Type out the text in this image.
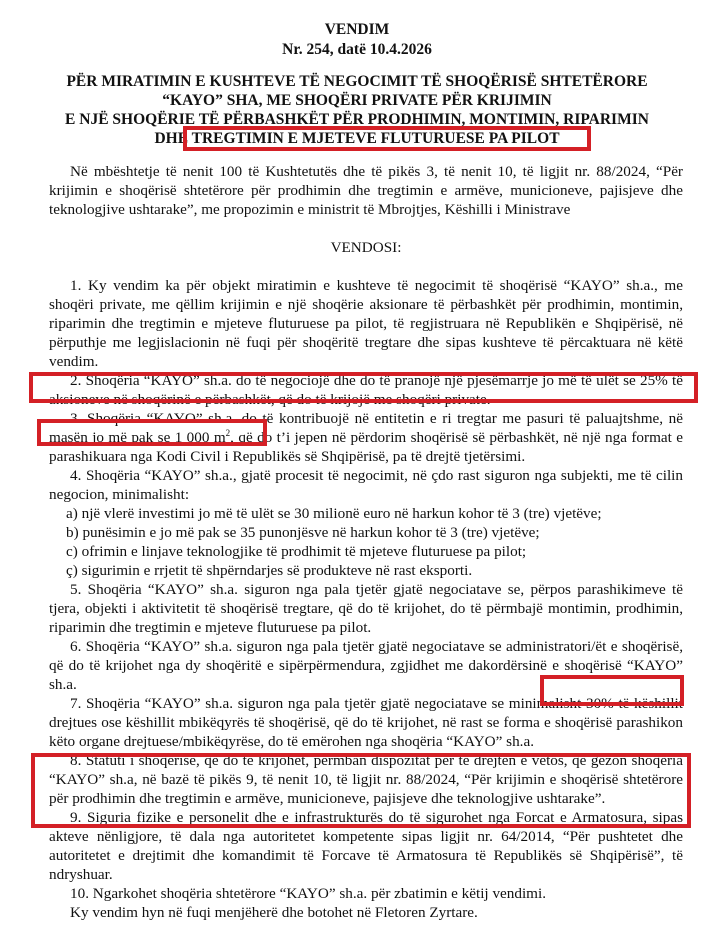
VENDIM
Nr. 254, datë 10.4.2026
PËR MIRATIMIN E KUSHTEVE TË NEGOCIMIT TË SHOQËRISË SHTETËRORE
“KAYO” SHA, ME SHOQËRI PRIVATE PËR KRIJIMIN
E NJË SHOQËRIE TË PËRBASHKËT PËR PRODHIMIN, MONTIMIN, RIPARIMIN
DHE TREGTIMIN E MJETEVE FLUTURUESE PA PILOT

Në mbështetje të nenit 100 të Kushtetutës dhe të pikës 3, të nenit 10, të ligjit nr. 88/2024, “Për krijimin e shoqërisë shtetërore për prodhimin dhe tregtimin e armëve, municioneve, pajisjeve dhe teknologjive ushtarake”, me propozimin e ministrit të Mbrojtjes, Këshilli i Ministrave

VENDOSI:

1. Ky vendim ka për objekt miratimin e kushteve të negocimit të shoqërisë “KAYO” sh.a., me shoqëri private, me qëllim krijimin e një shoqërie aksionare të përbashkët për prodhimin, montimin, riparimin dhe tregtimin e mjeteve fluturuese pa pilot, të regjistruara në Republikën e Shqipërisë, në përputhje me legjislacionin në fuqi për shoqëritë tregtare dhe sipas kushteve të përcaktuara në këtë vendim.

2. Shoqëria “KAYO” sh.a. do të negociojë dhe do të pranojë një pjesëmarrje jo më të ulët se 25% të aksioneve në shoqërinë e përbashkët, që do të krijojë me shoqëri private.

3. Shoqëria “KAYO” sh.a. do të kontribuojë në entitetin e ri tregtar me pasuri të paluajtshme, në masën jo më pak se 1 000 $m^2$, që do t’i jepen në përdorim shoqërisë së përbashkët, në një nga format e parashikuara nga Kodi Civil i Republikës së Shqipërisë, pa të drejtë tjetërsimi.

4. Shoqëria “KAYO” sh.a., gjatë procesit të negocimit, në çdo rast siguron nga subjekti, me të cilin negocion, minimalisht:

a) një vlerë investimi jo më të ulët se 30 milionë euro në harkun kohor të 3 (tre) vjetëve;

b) punësimin e jo më pak se 35 punonjësve në harkun kohor të 3 (tre) vjetëve;

c) ofrimin e linjave teknologjike të prodhimit të mjeteve fluturuese pa pilot;

ç) sigurimin e rrjetit të shpërndarjes së produkteve në rast eksporti.

5. Shoqëria “KAYO” sh.a. siguron nga pala tjetër gjatë negociatave se, përpos parashikimeve të tjera, objekti i aktivitetit të shoqërisë tregtare, që do të krijohet, do të përmbajë montimin, prodhimin, riparimin dhe tregtimin e mjeteve fluturuese pa pilot.

6. Shoqëria “KAYO” sh.a. siguron nga pala tjetër gjatë negociatave se administratori/ët e shoqërisë, që do të krijohet nga dy shoqëritë e sipërpërmendura, zgjidhet me dakordërsinë e shoqërisë “KAYO” sh.a.

7. Shoqëria “KAYO” sh.a. siguron nga pala tjetër gjatë negociatave se minimalisht 30% të këshillit drejtues ose këshillit mbikëqyrës të shoqërisë, që do të krijohet, në rast se forma e shoqërisë parashikon këto organe drejtuese/mbikëqyrëse, do të emërohen nga shoqëria “KAYO” sh.a.

8. Statuti i shoqërisë, që do të krijohet, përmban dispozitat për të drejtën e vetos, që gëzon shoqëria “KAYO” sh.a, në bazë të pikës 9, të nenit 10, të ligjit nr. 88/2024, “Për krijimin e shoqërisë shtetërore për prodhimin dhe tregtimin e armëve, municioneve, pajisjeve dhe teknologjive ushtarake”.

9. Siguria fizike e personelit dhe e infrastrukturës do të sigurohet nga Forcat e Armatosura, sipas akteve nënligjore, të dala nga autoritetet kompetente sipas ligjit nr. 64/2014, “Për pushtetet dhe autoritetet e drejtimit dhe komandimit të Forcave të Armatosura të Republikës së Shqipërisë”, të ndryshuar.

10. Ngarkohet shoqëria shtetërore “KAYO” sh.a. për zbatimin e këtij vendimi.

Ky vendim hyn në fuqi menjëherë dhe botohet në Fletoren Zyrtare.
